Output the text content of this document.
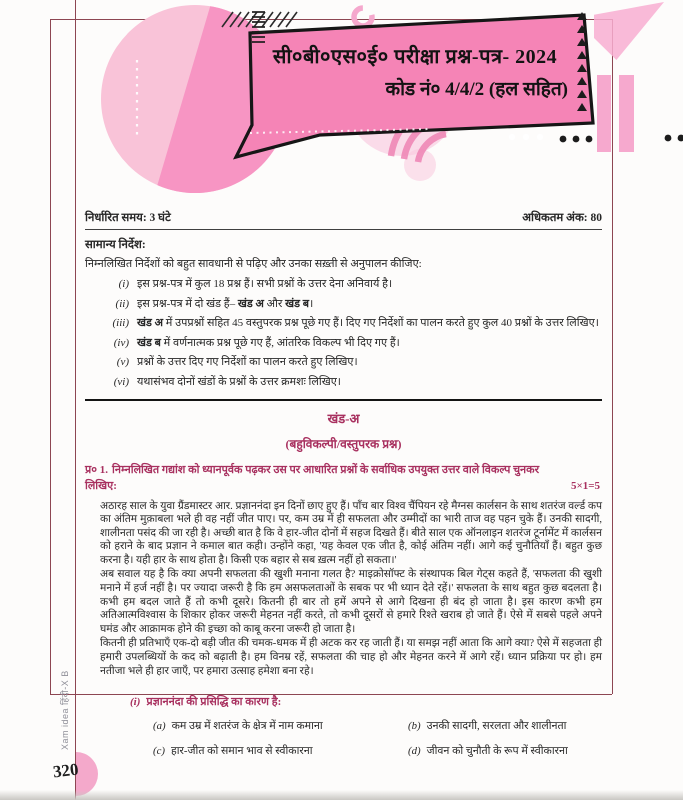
सी०बी०एस०ई० परीक्षा प्रश्न-पत्र- 2024
कोड नं० 4/4/2 (हल सहित)
निर्धारित समय: 3 घंटे	अधिकतम अंक: 80
सामान्य निर्देश:
निम्नलिखित निर्देशों को बहुत सावधानी से पढ़िए और उनका सख़्ती से अनुपालन कीजिए:
(i) इस प्रश्न-पत्र में कुल 18 प्रश्न हैं। सभी प्रश्नों के उत्तर देना अनिवार्य है।
(ii) इस प्रश्न-पत्र में दो खंड हैं– खंड अ और खंड ब।
(iii) खंड अ में उपप्रश्नों सहित 45 वस्तुपरक प्रश्न पूछे गए हैं। दिए गए निर्देशों का पालन करते हुए कुल 40 प्रश्नों के उत्तर लिखिए।
(iv) खंड ब में वर्णनात्मक प्रश्न पूछे गए हैं, आंतरिक विकल्प भी दिए गए हैं।
(v) प्रश्नों के उत्तर दिए गए निर्देशों का पालन करते हुए लिखिए।
(vi) यथासंभव दोनों खंडों के प्रश्नों के उत्तर क्रमशः लिखिए।
खंड-अ
(बहुविकल्पी/वस्तुपरक प्रश्न)
प्र० 1. निम्नलिखित गद्यांश को ध्यानपूर्वक पढ़कर उस पर आधारित प्रश्नों के सर्वाधिक उपयुक्त उत्तर वाले विकल्प चुनकर लिखिए:	5×1=5

अठारह साल के युवा ग्रैंडमास्टर आर. प्रज्ञाननंदा इन दिनों छाए हुए हैं। पाँच बार विश्व चैंपियन रहे मैग्नस कार्लसन के साथ शतरंज वर्ल्ड कप का अंतिम मुक़ाबला भले ही वह नहीं जीत पाए। पर, कम उम्र में ही सफलता और उम्मीदों का भारी ताज वह पहन चुके हैं। उनकी सादगी, शालीनता पसंद की जा रही है। अच्छी बात है कि वे हार-जीत दोनों में सहज दिखते हैं। बीते साल एक ऑनलाइन शतरंज टूर्नामेंट में कार्लसन को हराने के बाद प्रज्ञान ने कमाल बात कही। उन्होंने कहा, 'यह केवल एक जीत है, कोई अंतिम नहीं। आगे कई चुनौतियाँ हैं। बहुत कुछ करना है। यही हार के साथ होता है। किसी एक बहार से सब ख़त्म नहीं हो सकता।'

अब सवाल यह है कि क्या अपनी सफलता की खुशी मनाना गलत है? माइक्रोसॉफ्ट के संस्थापक बिल गेट्स कहते हैं, 'सफलता की खुशी मनाने में हर्ज नहीं है। पर ज्यादा जरूरी है कि हम असफलताओं के सबक पर भी ध्यान देते रहें।' सफलता के साथ बहुत कुछ बदलता है। कभी हम बदल जाते हैं तो कभी दूसरे। कितनी ही बार तो हमें अपने से आगे दिखना ही बंद हो जाता है। इस कारण कभी हम अतिआत्मविश्वास के शिकार होकर जरूरी मेहनत नहीं करते, तो कभी दूसरों से हमारे रिश्ते खराब हो जाते हैं। ऐसे में सबसे पहले अपने घमंड और आक्रामक होने की इच्छा को काबू करना जरूरी हो जाता है।

कितनी ही प्रतिभाएँ एक-दो बड़ी जीत की चमक-धमक में ही अटक कर रह जाती हैं। या समझ नहीं आता कि आगे क्या? ऐसे में सहजता ही हमारी उपलब्धियों के कद को बढ़ाती है। हम विनम्र रहें, सफलता की चाह हो और मेहनत करने में आगे रहें। ध्यान प्रक्रिया पर हो। हम नतीजा भले ही हार जाएँ, पर हमारा उत्साह हमेशा बना रहे।

(i) प्रज्ञाननंदा की प्रसिद्धि का कारण है:
(a) कम उम्र में शतरंज के क्षेत्र में नाम कमाना	(b) उनकी सादगी, सरलता और शालीनता
(c) हार-जीत को समान भाव से स्वीकारना	(d) जीवन को चुनौती के रूप में स्वीकारना
Xam idea हिंदी-X B
320
